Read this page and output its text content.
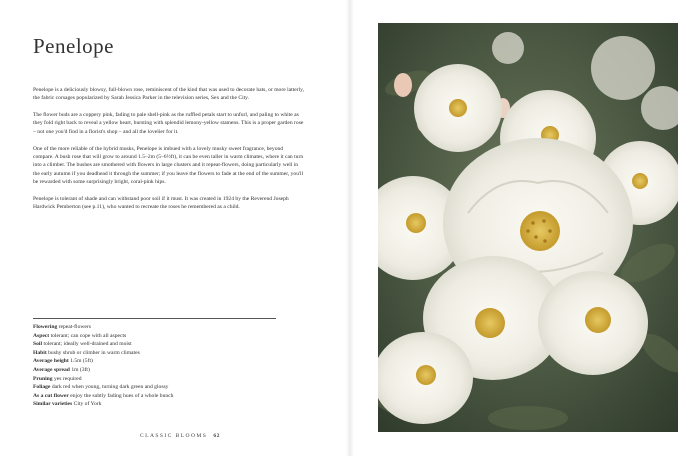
Penelope

Penelope is a deliciously blowsy, full-blown rose, reminiscent of the kind that was used to decorate hats, or more latterly, the fabric corsages popularized by Sarah Jessica Parker in the television series, Sex and the City.

The flower buds are a coppery pink, fading to pale shell-pink as the ruffled petals start to unfurl, and paling to white as they fold right back to reveal a yellow heart, bursting with splendid lemony-yellow stamens. This is a proper garden rose – not one you'd find in a florist's shop – and all the lovelier for it.

One of the more reliable of the hybrid musks, Penelope is imbued with a lovely musky sweet fragrance, beyond compare. A bush rose that will grow to around 1.5–2m (5–6½ft), it can be even taller in warm climates, where it can turn into a climber. The bushes are smothered with flowers in large clusters and it repeat-flowers, doing particularly well in the early autumn if you deadhead it through the summer; if you leave the flowers to fade at the end of the summer, you'll be rewarded with some surprisingly bright, coral-pink hips.

Penelope is tolerant of shade and can withstand poor soil if it must. It was created in 1924 by the Reverend Joseph Hardwick Pemberton (see p.11), who wanted to recreate the roses he remembered as a child.

Flowering repeat-flowers
Aspect tolerant; can cope with all aspects
Soil tolerant; ideally well-drained and moist
Habit bushy shrub or climber in warm climates
Average height 1.5m (5ft)
Average spread 1m (3ft)
Pruning yes required
Foliage dark red when young, turning dark green and glossy
As a cut flower enjoy the subtly fading hues of a whole bunch
Similar varieties City of York
CLASSIC BLOOMS 62
